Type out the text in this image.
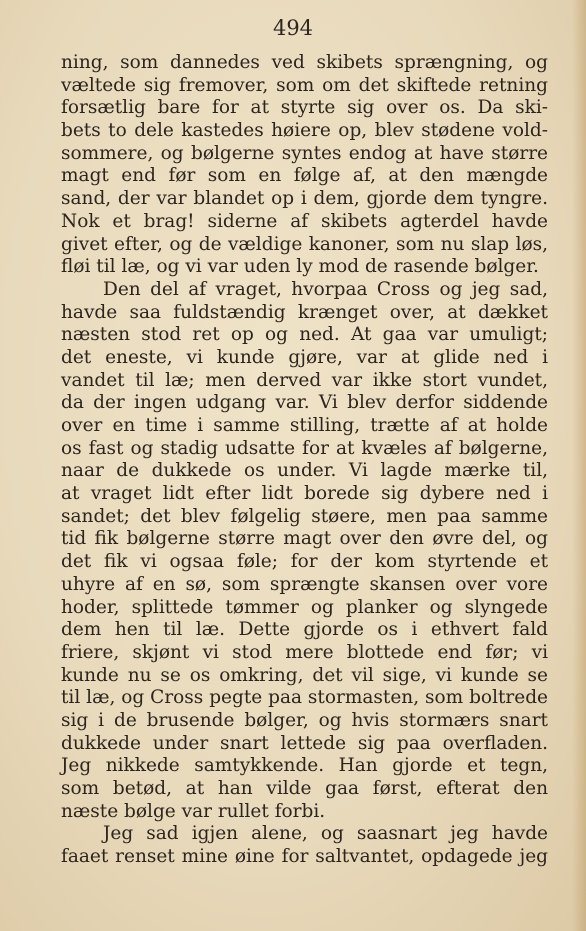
494
ning, som dannedes ved skibets sprængning, og
væltede sig fremover, som om det skiftede retning
forsætlig bare for at styrte sig over os. Da ski-
bets to dele kastedes høiere op, blev stødene vold-
sommere, og bølgerne syntes endog at have større
magt end før som en følge af, at den mængde
sand, der var blandet op i dem, gjorde dem tyngre.
Nok et brag! siderne af skibets agterdel havde
givet efter, og de vældige kanoner, som nu slap løs,
fløi til læ, og vi var uden ly mod de rasende bølger.
Den del af vraget, hvorpaa Cross og jeg sad,
havde saa fuldstændig krænget over, at dækket
næsten stod ret op og ned. At gaa var umuligt;
det eneste, vi kunde gjøre, var at glide ned i
vandet til læ; men derved var ikke stort vundet,
da der ingen udgang var. Vi blev derfor siddende
over en time i samme stilling, trætte af at holde
os fast og stadig udsatte for at kvæles af bølgerne,
naar de dukkede os under. Vi lagde mærke til,
at vraget lidt efter lidt borede sig dybere ned i
sandet; det blev følgelig støere, men paa samme
tid fik bølgerne større magt over den øvre del, og
det fik vi ogsaa føle; for der kom styrtende et
uhyre af en sø, som sprængte skansen over vore
hoder, splittede tømmer og planker og slyngede
dem hen til læ. Dette gjorde os i ethvert fald
friere, skjønt vi stod mere blottede end før; vi
kunde nu se os omkring, det vil sige, vi kunde se
til læ, og Cross pegte paa stormasten, som boltrede
sig i de brusende bølger, og hvis stormærs snart
dukkede under snart lettede sig paa overfladen.
Jeg nikkede samtykkende. Han gjorde et tegn,
som betød, at han vilde gaa først, efterat den
næste bølge var rullet forbi.
Jeg sad igjen alene, og saasnart jeg havde
faaet renset mine øine for saltvantet, opdagede jeg
